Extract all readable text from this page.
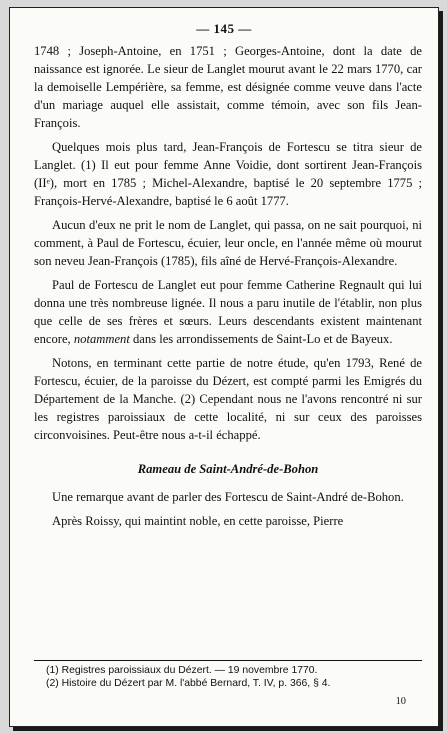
— 145 —

1748 ; Joseph-Antoine, en 1751 ; Georges-Antoine, dont la date de naissance est ignorée. Le sieur de Langlet mourut avant le 22 mars 1770, car la demoiselle Lempérière, sa femme, est désignée comme veuve dans l'acte d'un mariage auquel elle assistait, comme témoin, avec son fils Jean-François.

Quelques mois plus tard, Jean-François de Fortescu se titra sieur de Langlet. (1) Il eut pour femme Anne Voidie, dont sortirent Jean-François (IIᵉ), mort en 1785 ; Michel-Alexandre, baptisé le 20 septembre 1775 ; François-Hervé-Alexandre, baptisé le 6 août 1777.

Aucun d'eux ne prit le nom de Langlet, qui passa, on ne sait pourquoi, ni comment, à Paul de Fortescu, écuier, leur oncle, en l'année même où mourut son neveu Jean-François (1785), fils aîné de Hervé-François-Alexandre.

Paul de Fortescu de Langlet eut pour femme Catherine Regnault qui lui donna une très nombreuse lignée. Il nous a paru inutile de l'établir, non plus que celle de ses frères et sœurs. Leurs descendants existent maintenant encore, notamment dans les arrondissements de Saint-Lo et de Bayeux.

Notons, en terminant cette partie de notre étude, qu'en 1793, René de Fortescu, écuier, de la paroisse du Dézert, est compté parmi les Emigrés du Département de la Manche. (2) Cependant nous ne l'avons rencontré ni sur les registres paroissiaux de cette localité, ni sur ceux des paroisses circonvoisines. Peut-être nous a-t-il échappé.

Rameau de Saint-André-de-Bohon

Une remarque avant de parler des Fortescu de Saint-André de-Bohon.

Après Roissy, qui maintint noble, en cette paroisse, Pierre

(1) Registres paroissiaux du Dézert. — 19 novembre 1770.
(2) Histoire du Dézert par M. l'abbé Bernard, T. IV, p. 366, § 4.
10
